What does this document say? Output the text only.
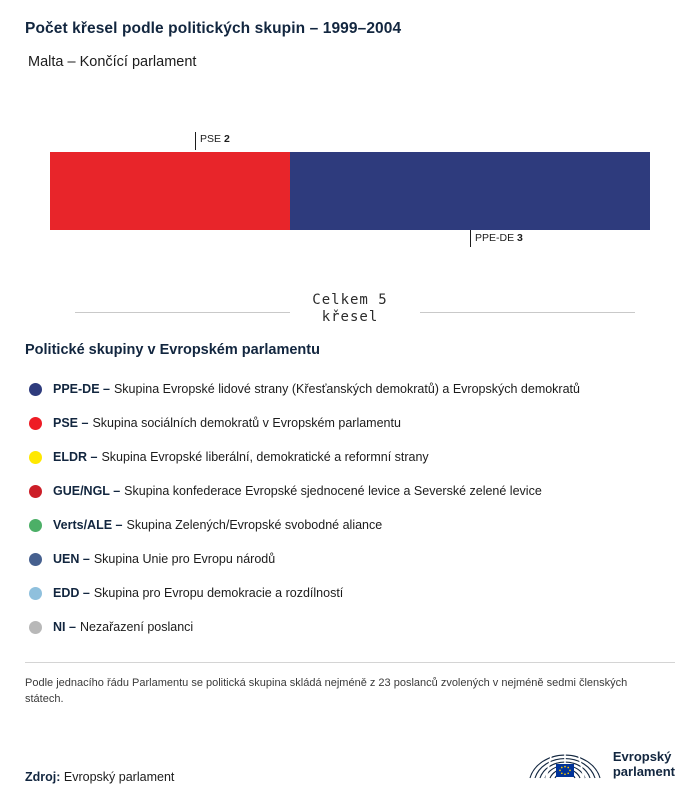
Počet křesel podle politických skupin – 1999–2004
Malta – Končící parlament
PSE 2
PPE-DE 3
Celkem 5
křesel
Politické skupiny v Evropském parlamentu
PPE-DE – Skupina Evropské lidové strany (Křesťanských demokratů) a Evropských demokratů
PSE – Skupina sociálních demokratů v Evropském parlamentu
ELDR – Skupina Evropské liberální, demokratické a reformní strany
GUE/NGL – Skupina konfederace Evropské sjednocené levice a Severské zelené levice
Verts/ALE – Skupina Zelených/Evropské svobodné aliance
UEN – Skupina Unie pro Evropu národů
EDD – Skupina pro Evropu demokracie a rozdílností
NI – Nezařazení poslanci
Podle jednacího řádu Parlamentu se politická skupina skládá nejméně z 23 poslanců zvolených v nejméně sedmi členských státech.
Zdroj: Evropský parlament
Evropský
parlament
